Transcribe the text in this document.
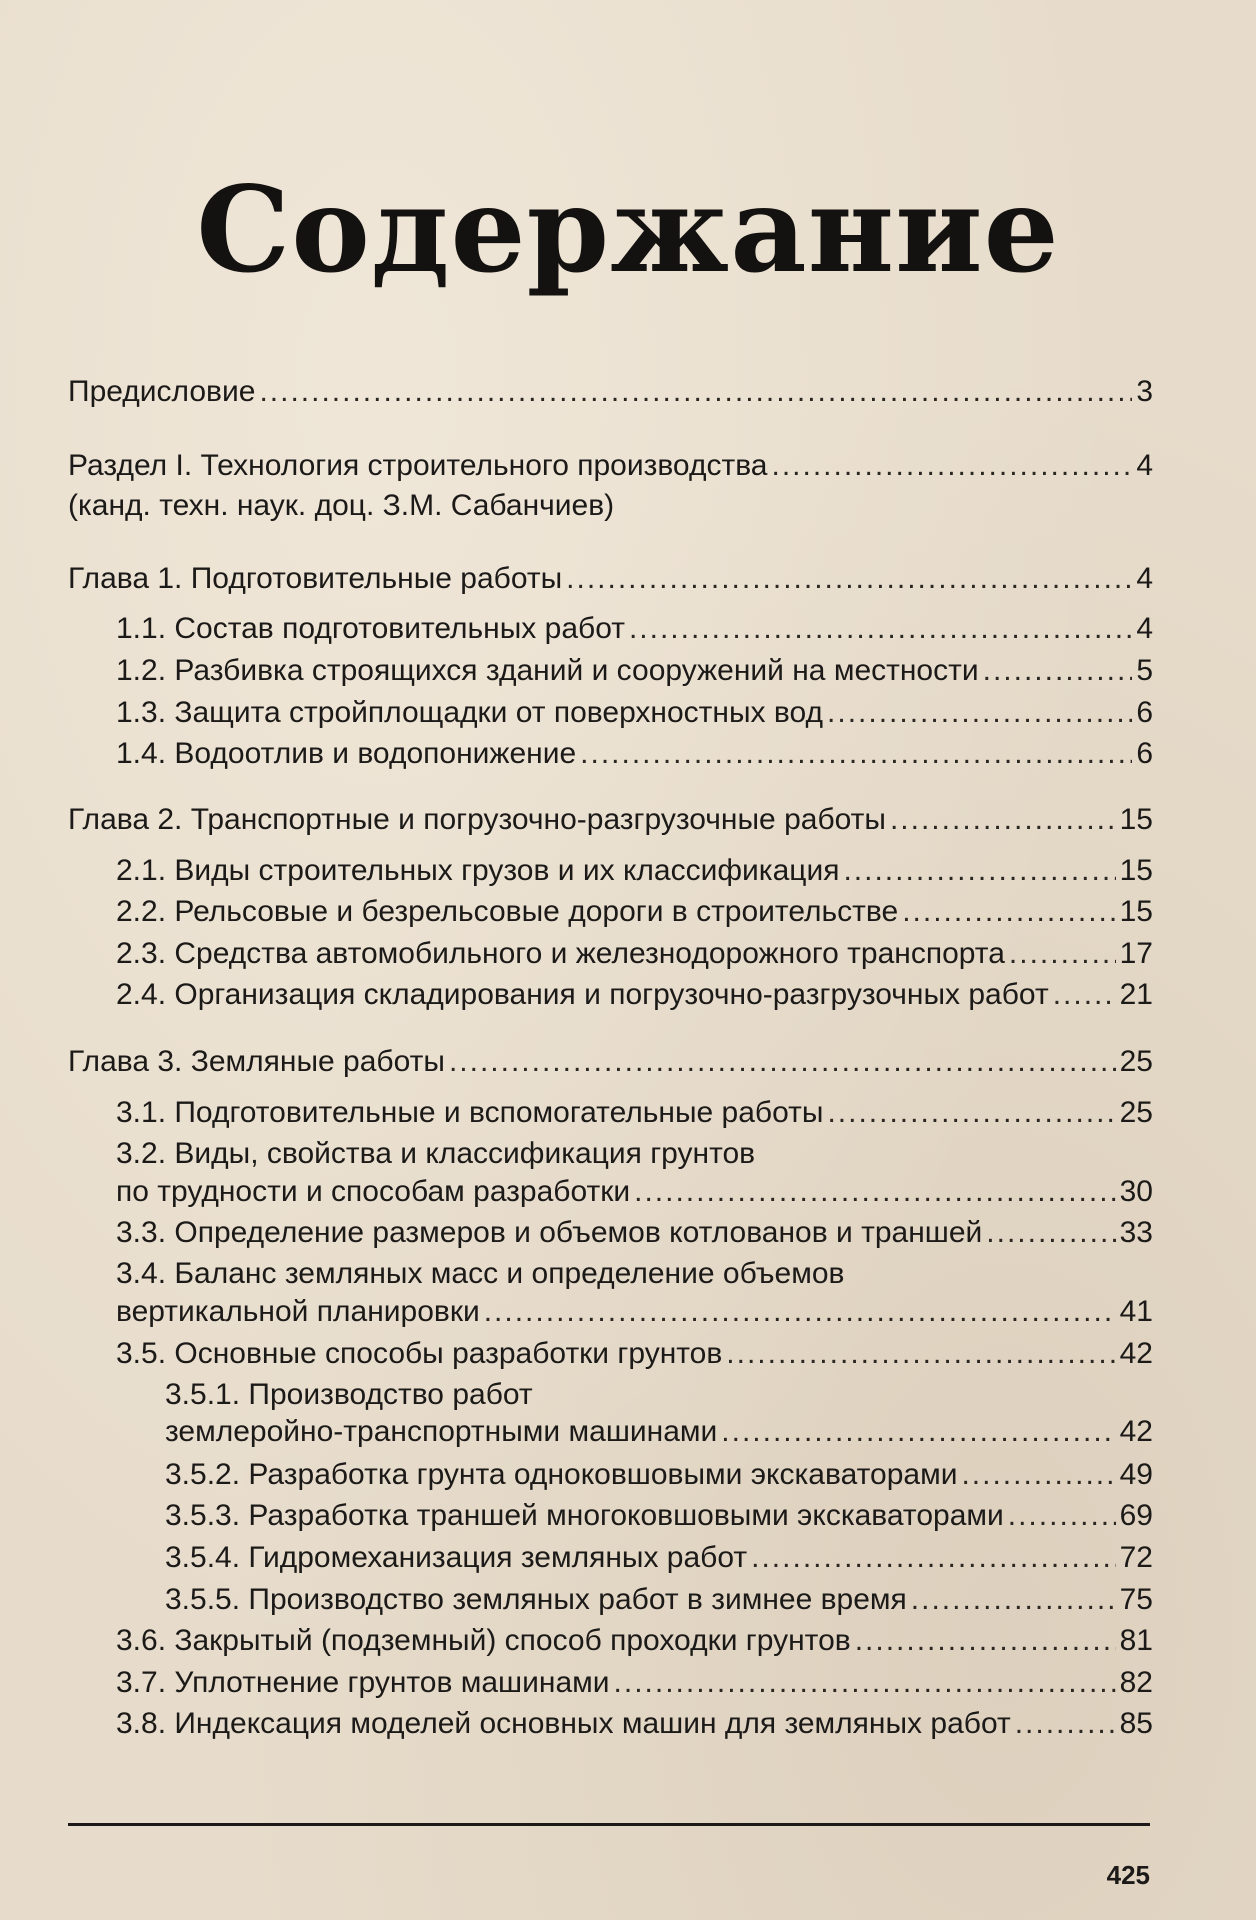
Содержание
Предисловие .....	3
Раздел I. Технология строительного производства .....	4
(канд. техн. наук. доц. З.М. Сабанчиев)
Глава 1. Подготовительные работы .....	4
1.1. Состав подготовительных работ .....	4
1.2. Разбивка строящихся зданий и сооружений на местности .....	5
1.3. Защита стройплощадки от поверхностных вод .....	6
1.4. Водоотлив и водопонижение .....	6
Глава 2. Транспортные и погрузочно-разгрузочные работы .....	15
2.1. Виды строительных грузов и их классификация .....	15
2.2. Рельсовые и безрельсовые дороги в строительстве .....	15
2.3. Средства автомобильного и железнодорожного транспорта .....	17
2.4. Организация складирования и погрузочно-разгрузочных работ ..... 21
Глава 3. Земляные работы .....	25
3.1. Подготовительные и вспомогательные работы .....	25
3.2. Виды, свойства и классификация грунтов
по трудности и способам разработки .....	30
3.3. Определение размеров и объемов котлованов и траншей .....	33
3.4. Баланс земляных масс и определение объемов
вертикальной планировки .....	41
3.5. Основные способы разработки грунтов .....	42
3.5.1. Производство работ
землеройно-транспортными машинами .....	42
3.5.2. Разработка грунта одноковшовыми экскаваторами .....	49
3.5.3. Разработка траншей многоковшовыми экскаваторами .....	69
3.5.4. Гидромеханизация земляных работ .....	72
3.5.5. Производство земляных работ в зимнее время .....	75
3.6. Закрытый (подземный) способ проходки грунтов .....	81
3.7. Уплотнение грунтов машинами .....	82
3.8. Индексация моделей основных машин для земляных работ .....	85
425
